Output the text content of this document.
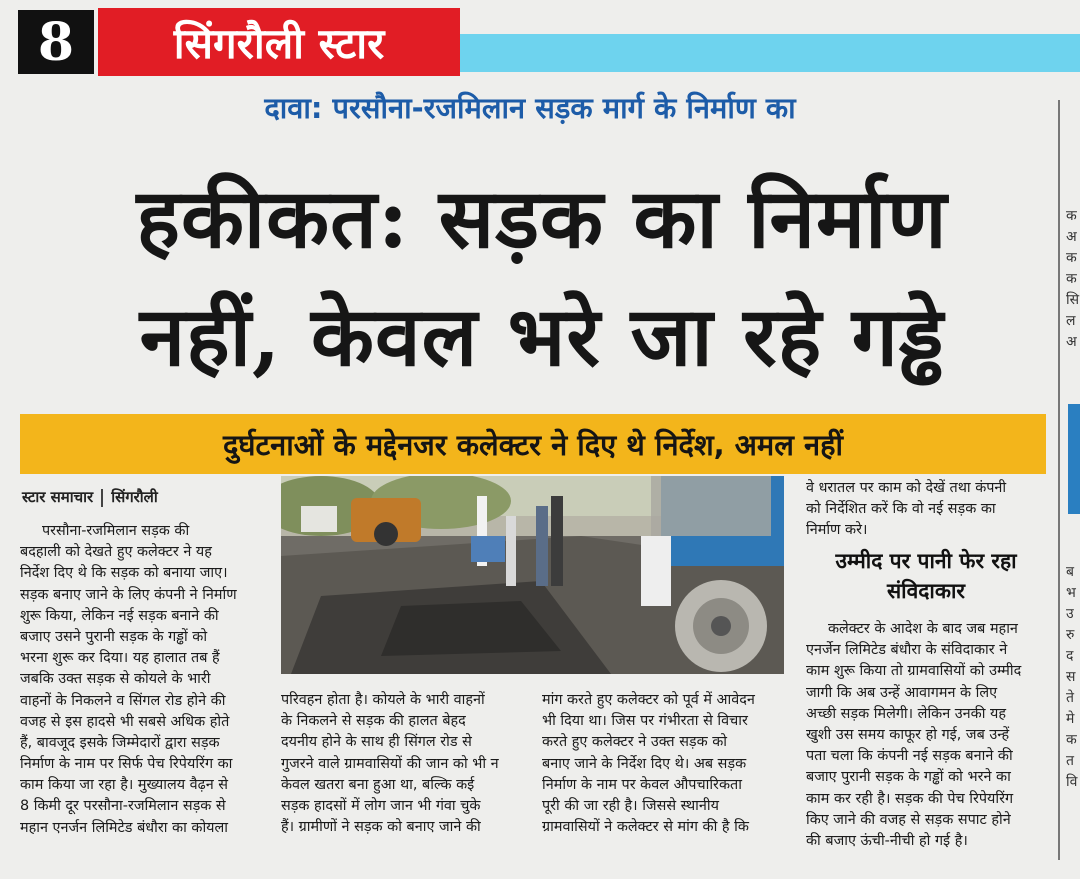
8	सिंगरौली स्टार
दावा: परसौना-रजमिलान सड़क मार्ग के निर्माण का
हकीकत: सड़क का निर्माण
नहीं, केवल भरे जा रहे गड्ढे
दुर्घटनाओं के मद्देनजर कलेक्टर ने दिए थे निर्देश, अमल नहीं
स्टार समाचार सिंगरौली
परसौना-रजमिलान सड़क की
बदहाली को देखते हुए कलेक्टर ने यह
निर्देश दिए थे कि सड़क को बनाया जाए।
सड़क बनाए जाने के लिए कंपनी ने निर्माण
शुरू किया, लेकिन नई सड़क बनाने की
बजाए उसने पुरानी सड़क के गड्ढों को
भरना शुरू कर दिया। यह हालात तब हैं
जबकि उक्त सड़क से कोयले के भारी
वाहनों के निकलने व सिंगल रोड होने की
वजह से इस हादसे भी सबसे अधिक होते
हैं, बावजूद इसके जिम्मेदारों द्वारा सड़क
निर्माण के नाम पर सिर्फ पेच रिपेयरिंग का
काम किया जा रहा है। मुख्यालय वैढ़न से
8 किमी दूर परसौना-रजमिलान सड़क से
महान एनर्जन लिमिटेड बंधौरा का कोयला
परिवहन होता है। कोयले के भारी वाहनों
के निकलने से सड़क की हालत बेहद
दयनीय होने के साथ ही सिंगल रोड से
गुजरने वाले ग्रामवासियों की जान को भी न
केवल खतरा बना हुआ था, बल्कि कई
सड़क हादसों में लोग जान भी गंवा चुके
हैं। ग्रामीणों ने सड़क को बनाए जाने की
मांग करते हुए कलेक्टर को पूर्व में आवेदन
भी दिया था। जिस पर गंभीरता से विचार
करते हुए कलेक्टर ने उक्त सड़क को
बनाए जाने के निर्देश दिए थे। अब सड़क
निर्माण के नाम पर केवल औपचारिकता
पूरी की जा रही है। जिससे स्थानीय
ग्रामवासियों ने कलेक्टर से मांग की है कि
वे धरातल पर काम को देखें तथा कंपनी
को निर्देशित करें कि वो नई सड़क का
निर्माण करे।
उम्मीद पर पानी फेर रहा संविदाकार
कलेक्टर के आदेश के बाद जब महान
एनर्जेन लिमिटेड बंधौरा के संविदाकार ने
काम शुरू किया तो ग्रामवासियों को उम्मीद
जागी कि अब उन्हें आवागमन के लिए
अच्छी सड़क मिलेगी। लेकिन उनकी यह
खुशी उस समय काफूर हो गई, जब उन्हें
पता चला कि कंपनी नई सड़क बनाने की
बजाए पुरानी सड़क के गड्ढों को भरने का
काम कर रही है। सड़क की पेच रिपेयरिंग
किए जाने की वजह से सड़क सपाट होने
की बजाए ऊंची-नीची हो गई है।
क
अ
क
क
सि
ल
अ
ब
भ
उ
रु
द
स
ते
मे
क
त
वि
